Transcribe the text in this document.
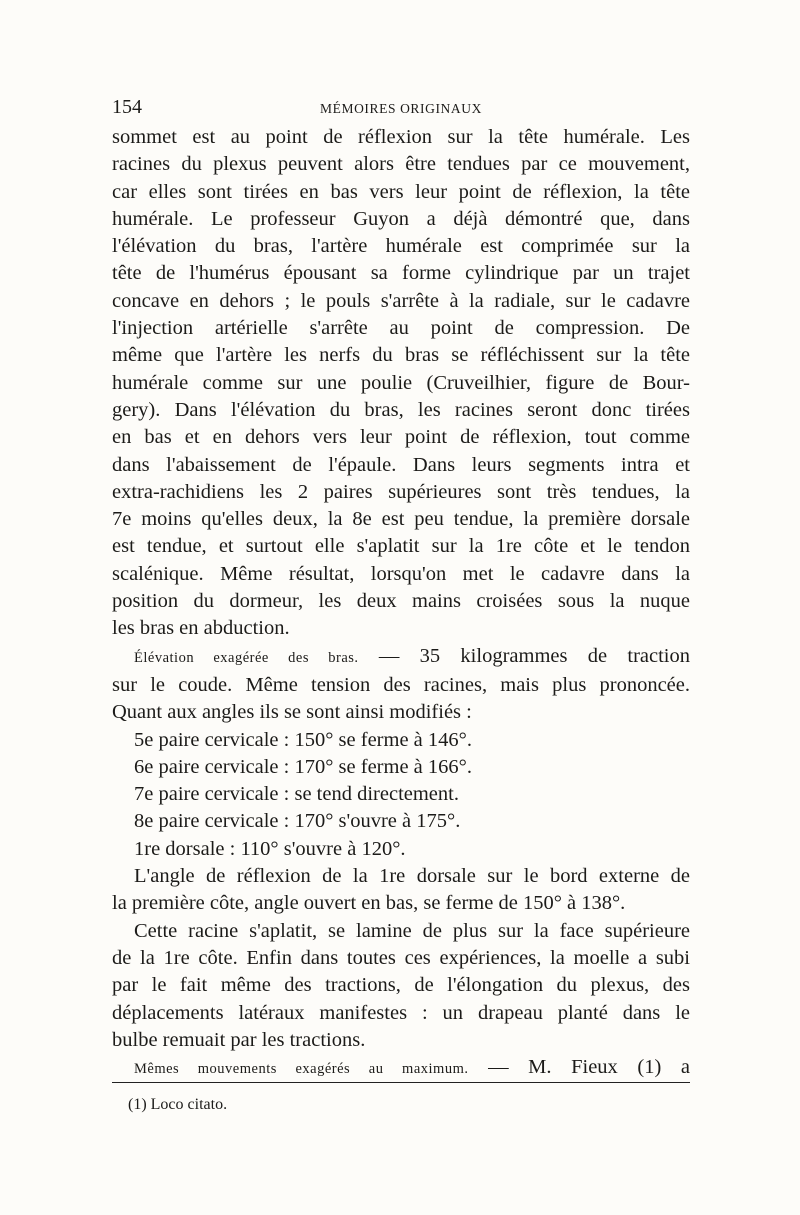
154	MÉMOIRES ORIGINAUX
sommet est au point de réflexion sur la tête humérale. Les
racines du plexus peuvent alors être tendues par ce mouvement,
car elles sont tirées en bas vers leur point de réflexion, la tête
humérale. Le professeur Guyon a déjà démontré que, dans
l'élévation du bras, l'artère humérale est comprimée sur la
tête de l'humérus épousant sa forme cylindrique par un trajet
concave en dehors ; le pouls s'arrête à la radiale, sur le cadavre
l'injection artérielle s'arrête au point de compression. De
même que l'artère les nerfs du bras se réfléchissent sur la tête
humérale comme sur une poulie (Cruveilhier, figure de Bour-
gery). Dans l'élévation du bras, les racines seront donc tirées
en bas et en dehors vers leur point de réflexion, tout comme
dans l'abaissement de l'épaule. Dans leurs segments intra et
extra-rachidiens les 2 paires supérieures sont très tendues, la
7e moins qu'elles deux, la 8e est peu tendue, la première dorsale
est tendue, et surtout elle s'aplatit sur la 1re côte et le tendon
scalénique. Même résultat, lorsqu'on met le cadavre dans la
position du dormeur, les deux mains croisées sous la nuque
les bras en abduction.
Élévation exagérée des bras. — 35 kilogrammes de traction
sur le coude. Même tension des racines, mais plus prononcée.
Quant aux angles ils se sont ainsi modifiés :
5e paire cervicale : 150° se ferme à 146°.
6e paire cervicale : 170° se ferme à 166°.
7e paire cervicale : se tend directement.
8e paire cervicale : 170° s'ouvre à 175°.
1re dorsale : 110° s'ouvre à 120°.
L'angle de réflexion de la 1re dorsale sur le bord externe de
la première côte, angle ouvert en bas, se ferme de 150° à 138°.
Cette racine s'aplatit, se lamine de plus sur la face supérieure
de la 1re côte. Enfin dans toutes ces expériences, la moelle a subi
par le fait même des tractions, de l'élongation du plexus, des
déplacements latéraux manifestes : un drapeau planté dans le
bulbe remuait par les tractions.
Mêmes mouvements exagérés au maximum. — M. Fieux (1) a
(1) Loco citato.
